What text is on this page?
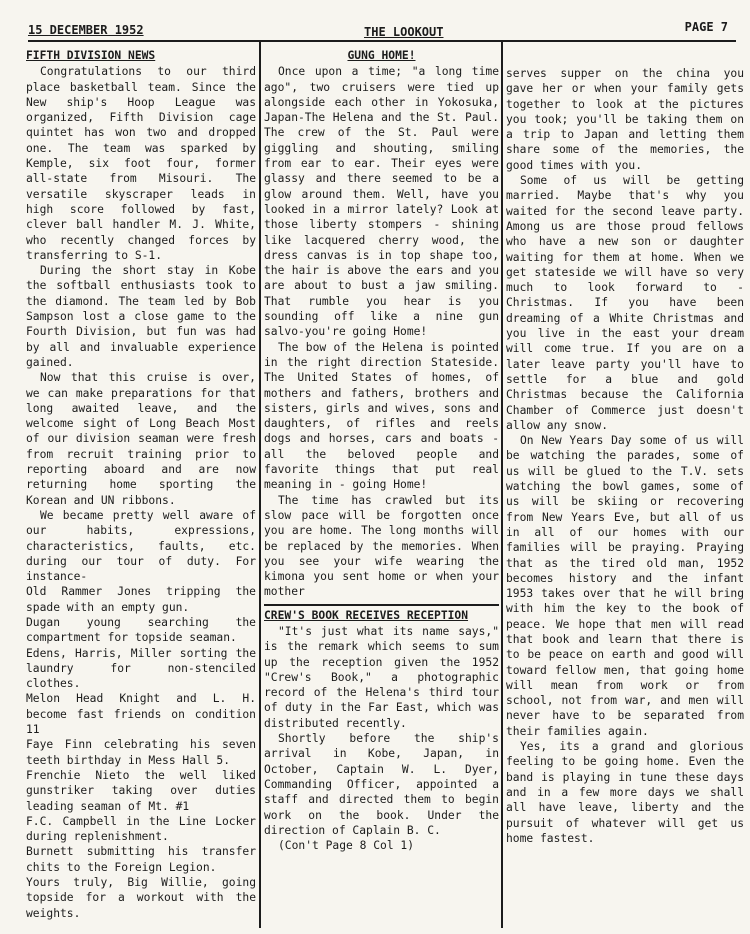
15 DECEMBER 1952	THE LOOKOUT	PAGE 7
FIFTH DIVISION NEWS

Congratulations to our third place basketball team. Since the New ship's Hoop League was organized, Fifth Division cage quintet has won two and dropped one. The team was sparked by Kemple, six foot four, former all-state from Misouri. The versatile skyscraper leads in high score followed by fast, clever ball handler M. J. White, who recently changed forces by transferring to S-1.

During the short stay in Kobe the softball enthusiasts took to the diamond. The team led by Bob Sampson lost a close game to the Fourth Division, but fun was had by all and invaluable experience gained.

Now that this cruise is over, we can make preparations for that long awaited leave, and the welcome sight of Long Beach Most of our division seaman were fresh from recruit training prior to reporting aboard and are now returning home sporting the Korean and UN ribbons.

We became pretty well aware of our habits, expressions, characteristics, faults, etc. during our tour of duty. For instance-

Old Rammer Jones tripping the spade with an empty gun.

Dugan young searching the compartment for topside seaman.

Edens, Harris, Miller sorting the laundry for non-stenciled clothes.

Melon Head Knight and L. H. become fast friends on condition 11

Faye Finn celebrating his seven teeth birthday in Mess Hall 5.

Frenchie Nieto the well liked gunstriker taking over duties leading seaman of Mt. #1

F.C. Campbell in the Line Locker during replenishment.

Burnett submitting his transfer chits to the Foreign Legion.

Yours truly, Big Willie, going topside for a workout with the weights.

GUNG HOME!

Once upon a time; "a long time ago", two cruisers were tied up alongside each other in Yokosuka, Japan-The Helena and the St. Paul. The crew of the St. Paul were giggling and shouting, smiling from ear to ear. Their eyes were glassy and there seemed to be a glow around them. Well, have you looked in a mirror lately? Look at those liberty stompers - shining like lacquered cherry wood, the dress canvas is in top shape too, the hair is above the ears and you are about to bust a jaw smiling. That rumble you hear is you sounding off like a nine gun salvo-you're going Home!

The bow of the Helena is pointed in the right direction Stateside. The United States of homes, of mothers and fathers, brothers and sisters, girls and wives, sons and daughters, of rifles and reels dogs and horses, cars and boats -all the beloved people and favorite things that put real meaning in - going Home!

The time has crawled but its slow pace will be forgotten once you are home. The long months will be replaced by the memories. When you see your wife wearing the kimona you sent home or when your mother

CREW'S BOOK RECEIVES RECEPTION

"It's just what its name says," is the remark which seems to sum up the reception given the 1952 "Crew's Book," a photographic record of the Helena's third tour of duty in the Far East, which was distributed recently.

Shortly before the ship's arrival in Kobe, Japan, in October, Captain W. L. Dyer, Commanding Officer, appointed a staff and directed them to begin work on the book. Under the direction of Caplain B. C.

(Con't Page 8 Col 1)

serves supper on the china you gave her or when your family gets together to look at the pictures you took; you'll be taking them on a trip to Japan and letting them share some of the memories, the good times with you.

Some of us will be getting married. Maybe that's why you waited for the second leave party. Among us are those proud fellows who have a new son or daughter waiting for them at home. When we get stateside we will have so very much to look forward to - Christmas. If you have been dreaming of a White Christmas and you live in the east your dream will come true. If you are on a later leave party you'll have to settle for a blue and gold Christmas because the California Chamber of Commerce just doesn't allow any snow.

On New Years Day some of us will be watching the parades, some of us will be glued to the T.V. sets watching the bowl games, some of us will be skiing or recovering from New Years Eve, but all of us in all of our homes with our families will be praying. Praying that as the tired old man, 1952 becomes history and the infant 1953 takes over that he will bring with him the key to the book of peace. We hope that men will read that book and learn that there is to be peace on earth and good will toward fellow men, that going home will mean from work or from school, not from war, and men will never have to be separated from their families again.

Yes, its a grand and glorious feeling to be going home. Even the band is playing in tune these days and in a few more days we shall all have leave, liberty and the pursuit of whatever will get us home fastest.
